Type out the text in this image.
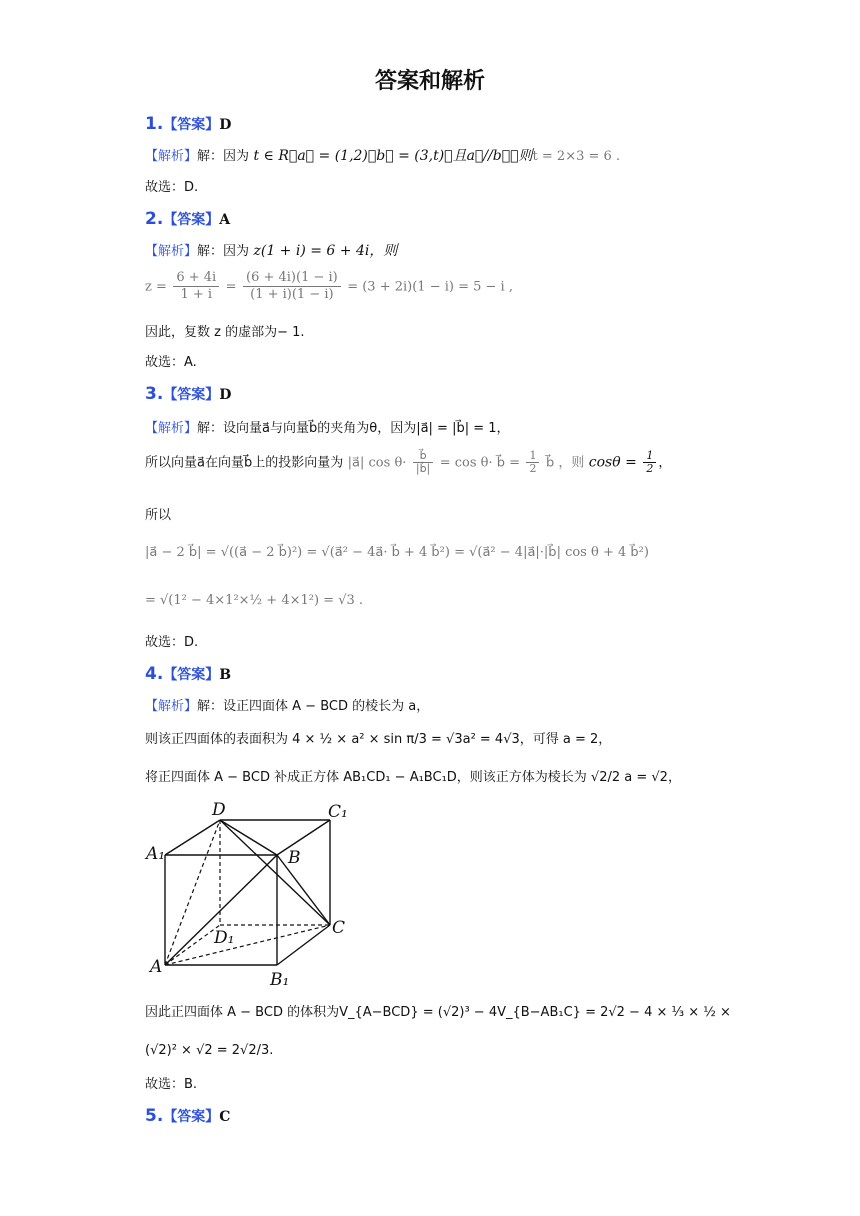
答案和解析
1.【答案】D
【解析】解：因为 t ∈ R，a⃗ = (1,2)，b⃗ = (3,t)，且a⃗//b⃗，则t = 2×3 = 6 .
故选：D.
2.【答案】A
【解析】解：因为 z(1 + i) = 6 + 4i，则
$z = \frac{6 + 4i}{1 + i} = \frac{(6 + 4i)(1 - i)}{(1 + i)(1 - i)} = (3 + 2i)(1 - i) = 5 - i$ ,
因此，复数 z 的虚部为− 1.
故选：A.
3.【答案】D
【解析】解：设向量a⃗与向量b⃗的夹角为θ，因为|a⃗| = |b⃗| = 1，
所以向量a⃗在向量b⃗上的投影向量为 |a⃗| $\cos \theta\cdot \frac{b⃗}{|b⃗|} = \cos \theta\cdot$ b⃗ = $\frac{1}{2}$ b⃗ ，则 $\cos\theta = \frac{1}{2}$ ，
所以
|a⃗ − 2 b⃗| = √((a⃗ − 2 b⃗)²) = √(a⃗² − 4a⃗· b⃗ + 4 b⃗²) = √(a⃗² − 4|a⃗|·|b⃗| cos θ + 4 b⃗²)
= √(1² − 4×1²×½ + 4×1²) = √3 .
故选：D.
4.【答案】B
【解析】解：设正四面体 A − BCD 的棱长为 a，
则该正四面体的表面积为 4 × ½ × a² × sin π/3 = √3a² = 4√3，可得 a = 2，
将正四面体 A − BCD 补成正方体 AB₁CD₁ − A₁BC₁D，则该正方体为棱长为 √2/2 a = √2，
D	C₁
A₁	B
D₁	C
A
B₁
因此正四面体 A − BCD 的体积为V_{A−BCD} = (√2)³ − 4V_{B−AB₁C} = 2√2 − 4 × ⅓ × ½ ×
(√2)² × √2 = 2√2/3.
故选：B.
5.【答案】C
